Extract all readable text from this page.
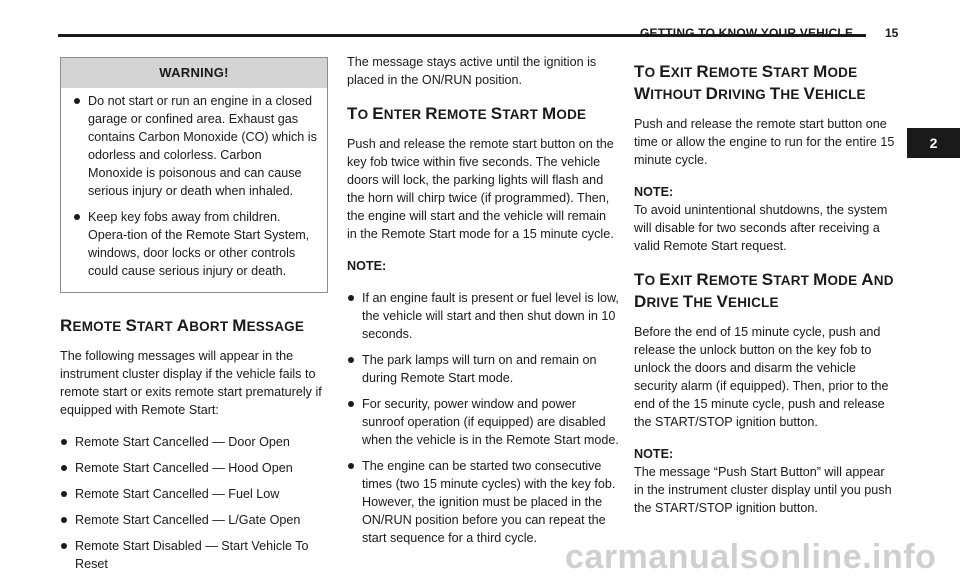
GETTING TO KNOW YOUR VEHICLE	15
2
WARNING!
Do not start or run an engine in a closed garage or confined area. Exhaust gas contains Carbon Monoxide (CO) which is odorless and colorless. Carbon Monoxide is poisonous and can cause serious injury or death when inhaled.
Keep key fobs away from children. Opera-tion of the Remote Start System, windows, door locks or other controls could cause serious injury or death.
REMOTE START ABORT MESSAGE

The following messages will appear in the instrument cluster display if the vehicle fails to remote start or exits remote start prematurely if equipped with Remote Start:

Remote Start Cancelled — Door Open
Remote Start Cancelled — Hood Open
Remote Start Cancelled — Fuel Low
Remote Start Cancelled — L/Gate Open
Remote Start Disabled — Start Vehicle To Reset

The message stays active until the ignition is placed in the ON/RUN position.

TO ENTER REMOTE START MODE

Push and release the remote start button on the key fob twice within five seconds. The vehicle doors will lock, the parking lights will flash and the horn will chirp twice (if programmed). Then, the engine will start and the vehicle will remain in the Remote Start mode for a 15 minute cycle.

NOTE:

If an engine fault is present or fuel level is low, the vehicle will start and then shut down in 10 seconds.
The park lamps will turn on and remain on during Remote Start mode.
For security, power window and power sunroof operation (if equipped) are disabled when the vehicle is in the Remote Start mode.
The engine can be started two consecutive times (two 15 minute cycles) with the key fob. However, the ignition must be placed in the ON/RUN position before you can repeat the start sequence for a third cycle.
TO EXIT REMOTE START MODE
WITHOUT DRIVING THE VEHICLE

Push and release the remote start button one time or allow the engine to run for the entire 15 minute cycle.

NOTE:

To avoid unintentional shutdowns, the system will disable for two seconds after receiving a valid Remote Start request.

TO EXIT REMOTE START MODE AND
DRIVE THE VEHICLE

Before the end of 15 minute cycle, push and release the unlock button on the key fob to unlock the doors and disarm the vehicle security alarm (if equipped). Then, prior to the end of the 15 minute cycle, push and release the START/STOP ignition button.

NOTE:

The message “Push Start Button” will appear in the instrument cluster display until you push the START/STOP ignition button.

carmanualsonline.info
